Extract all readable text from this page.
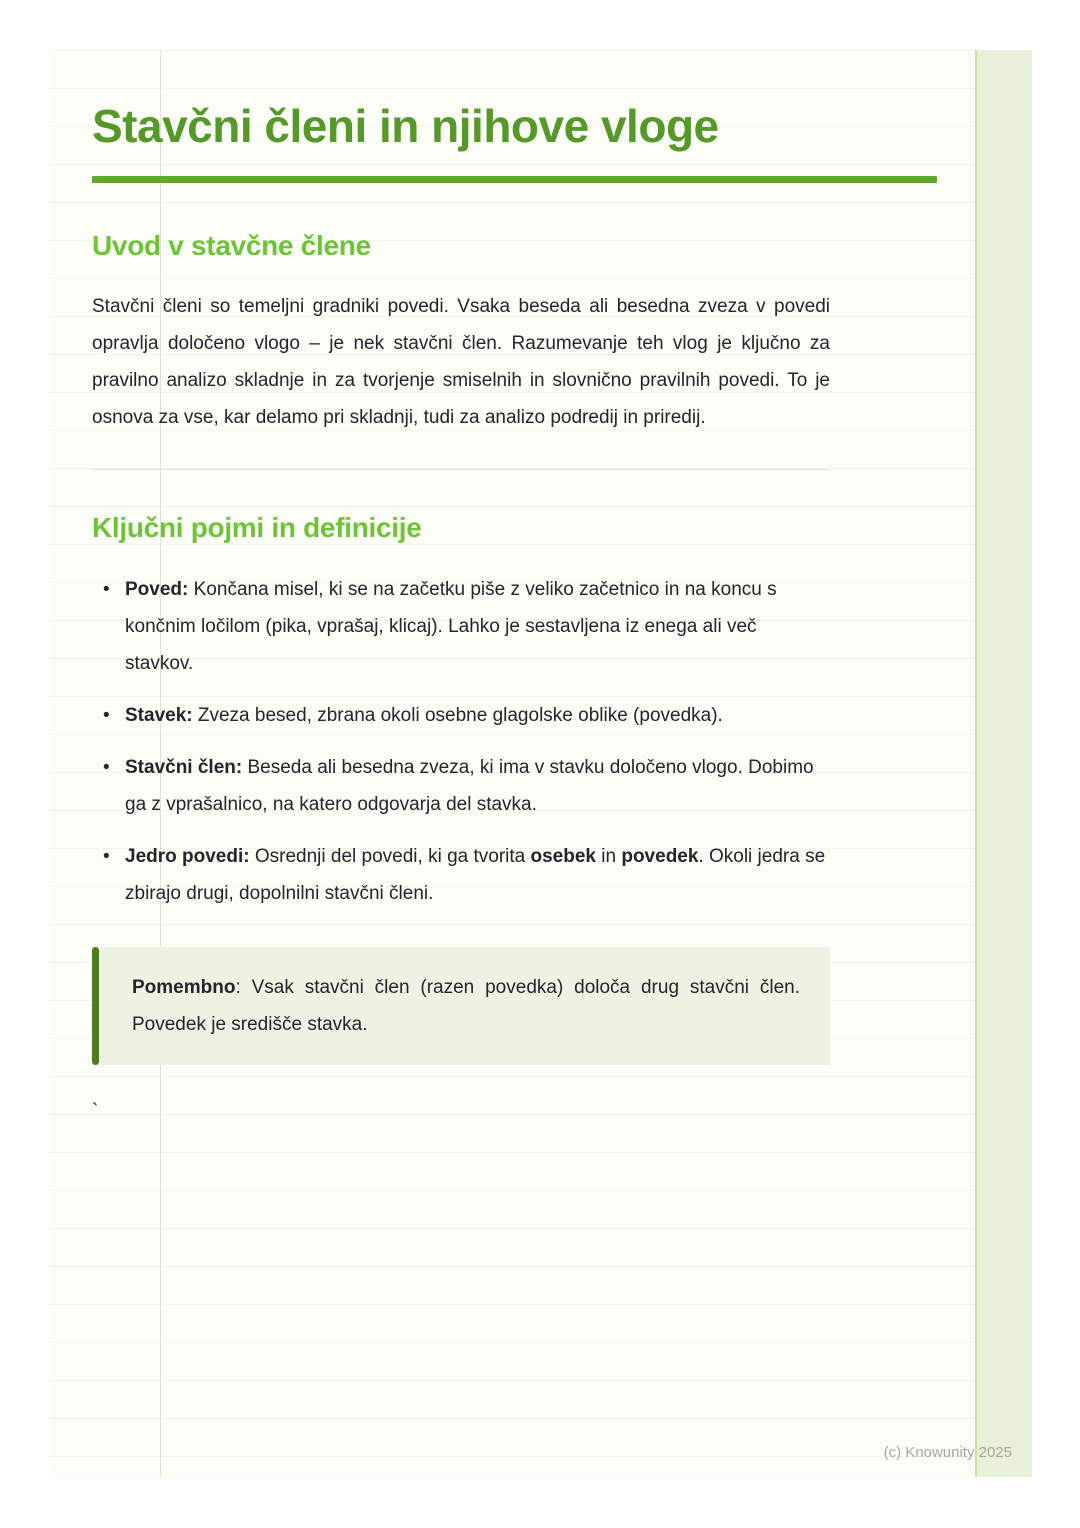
Stavčni členi in njihove vloge
Uvod v stavčne člene

Stavčni členi so temeljni gradniki povedi. Vsaka beseda ali besedna zveza v povedi opravlja določeno vlogo – je nek stavčni člen. Razumevanje teh vlog je ključno za pravilno analizo skladnje in za tvorjenje smiselnih in slovnično pravilnih povedi. To je osnova za vse, kar delamo pri skladnji, tudi za analizo podredij in priredij.

Ključni pojmi in definicije
• Poved: Končana misel, ki se na začetku piše z veliko začetnico in na koncu s končnim ločilom (pika, vprašaj, klicaj). Lahko je sestavljena iz enega ali več stavkov.
• Stavek: Zveza besed, zbrana okoli osebne glagolske oblike (povedka).
• Stavčni člen: Beseda ali besedna zveza, ki ima v stavku določeno vlogo. Dobimo ga z vprašalnico, na katero odgovarja del stavka.
• Jedro povedi: Osrednji del povedi, ki ga tvorita osebek in povedek. Okoli jedra se zbirajo drugi, dopolnilni stavčni členi.
Pomembno: Vsak stavčni člen (razen povedka) določa drug stavčni člen. Povedek je središče stavka.
`
(c) Knowunity 2025
